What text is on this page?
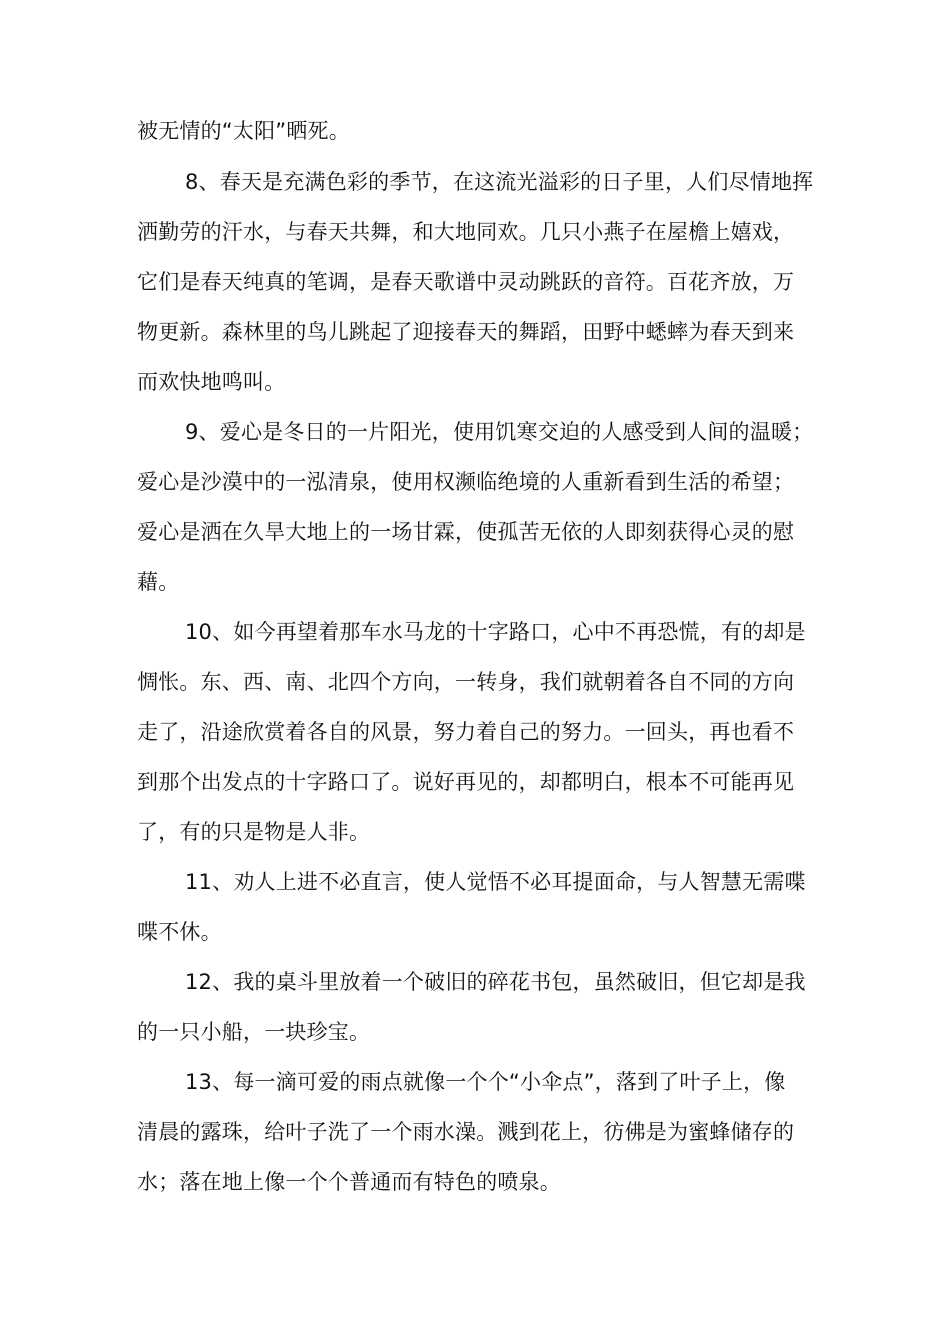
被无情的“太阳”晒死。
8、春天是充满色彩的季节，在这流光溢彩的日子里，人们尽情地挥
洒勤劳的汗水，与春天共舞，和大地同欢。几只小燕子在屋檐上嬉戏，
它们是春天纯真的笔调，是春天歌谱中灵动跳跃的音符。百花齐放，万
物更新。森林里的鸟儿跳起了迎接春天的舞蹈，田野中蟋蟀为春天到来
而欢快地鸣叫。
9、爱心是冬日的一片阳光，使用饥寒交迫的人感受到人间的温暖；
爱心是沙漠中的一泓清泉，使用权濒临绝境的人重新看到生活的希望；
爱心是洒在久旱大地上的一场甘霖，使孤苦无依的人即刻获得心灵的慰
藉。
10、如今再望着那车水马龙的十字路口，心中不再恐慌，有的却是
惆怅。东、西、南、北四个方向，一转身，我们就朝着各自不同的方向
走了，沿途欣赏着各自的风景，努力着自己的努力。一回头，再也看不
到那个出发点的十字路口了。说好再见的，却都明白，根本不可能再见
了，有的只是物是人非。
11、劝人上进不必直言，使人觉悟不必耳提面命，与人智慧无需喋
喋不休。
12、我的桌斗里放着一个破旧的碎花书包，虽然破旧，但它却是我
的一只小船，一块珍宝。
13、每一滴可爱的雨点就像一个个“小伞点”，落到了叶子上，像
清晨的露珠，给叶子洗了一个雨水澡。溅到花上，彷佛是为蜜蜂储存的
水；落在地上像一个个普通而有特色的喷泉。
